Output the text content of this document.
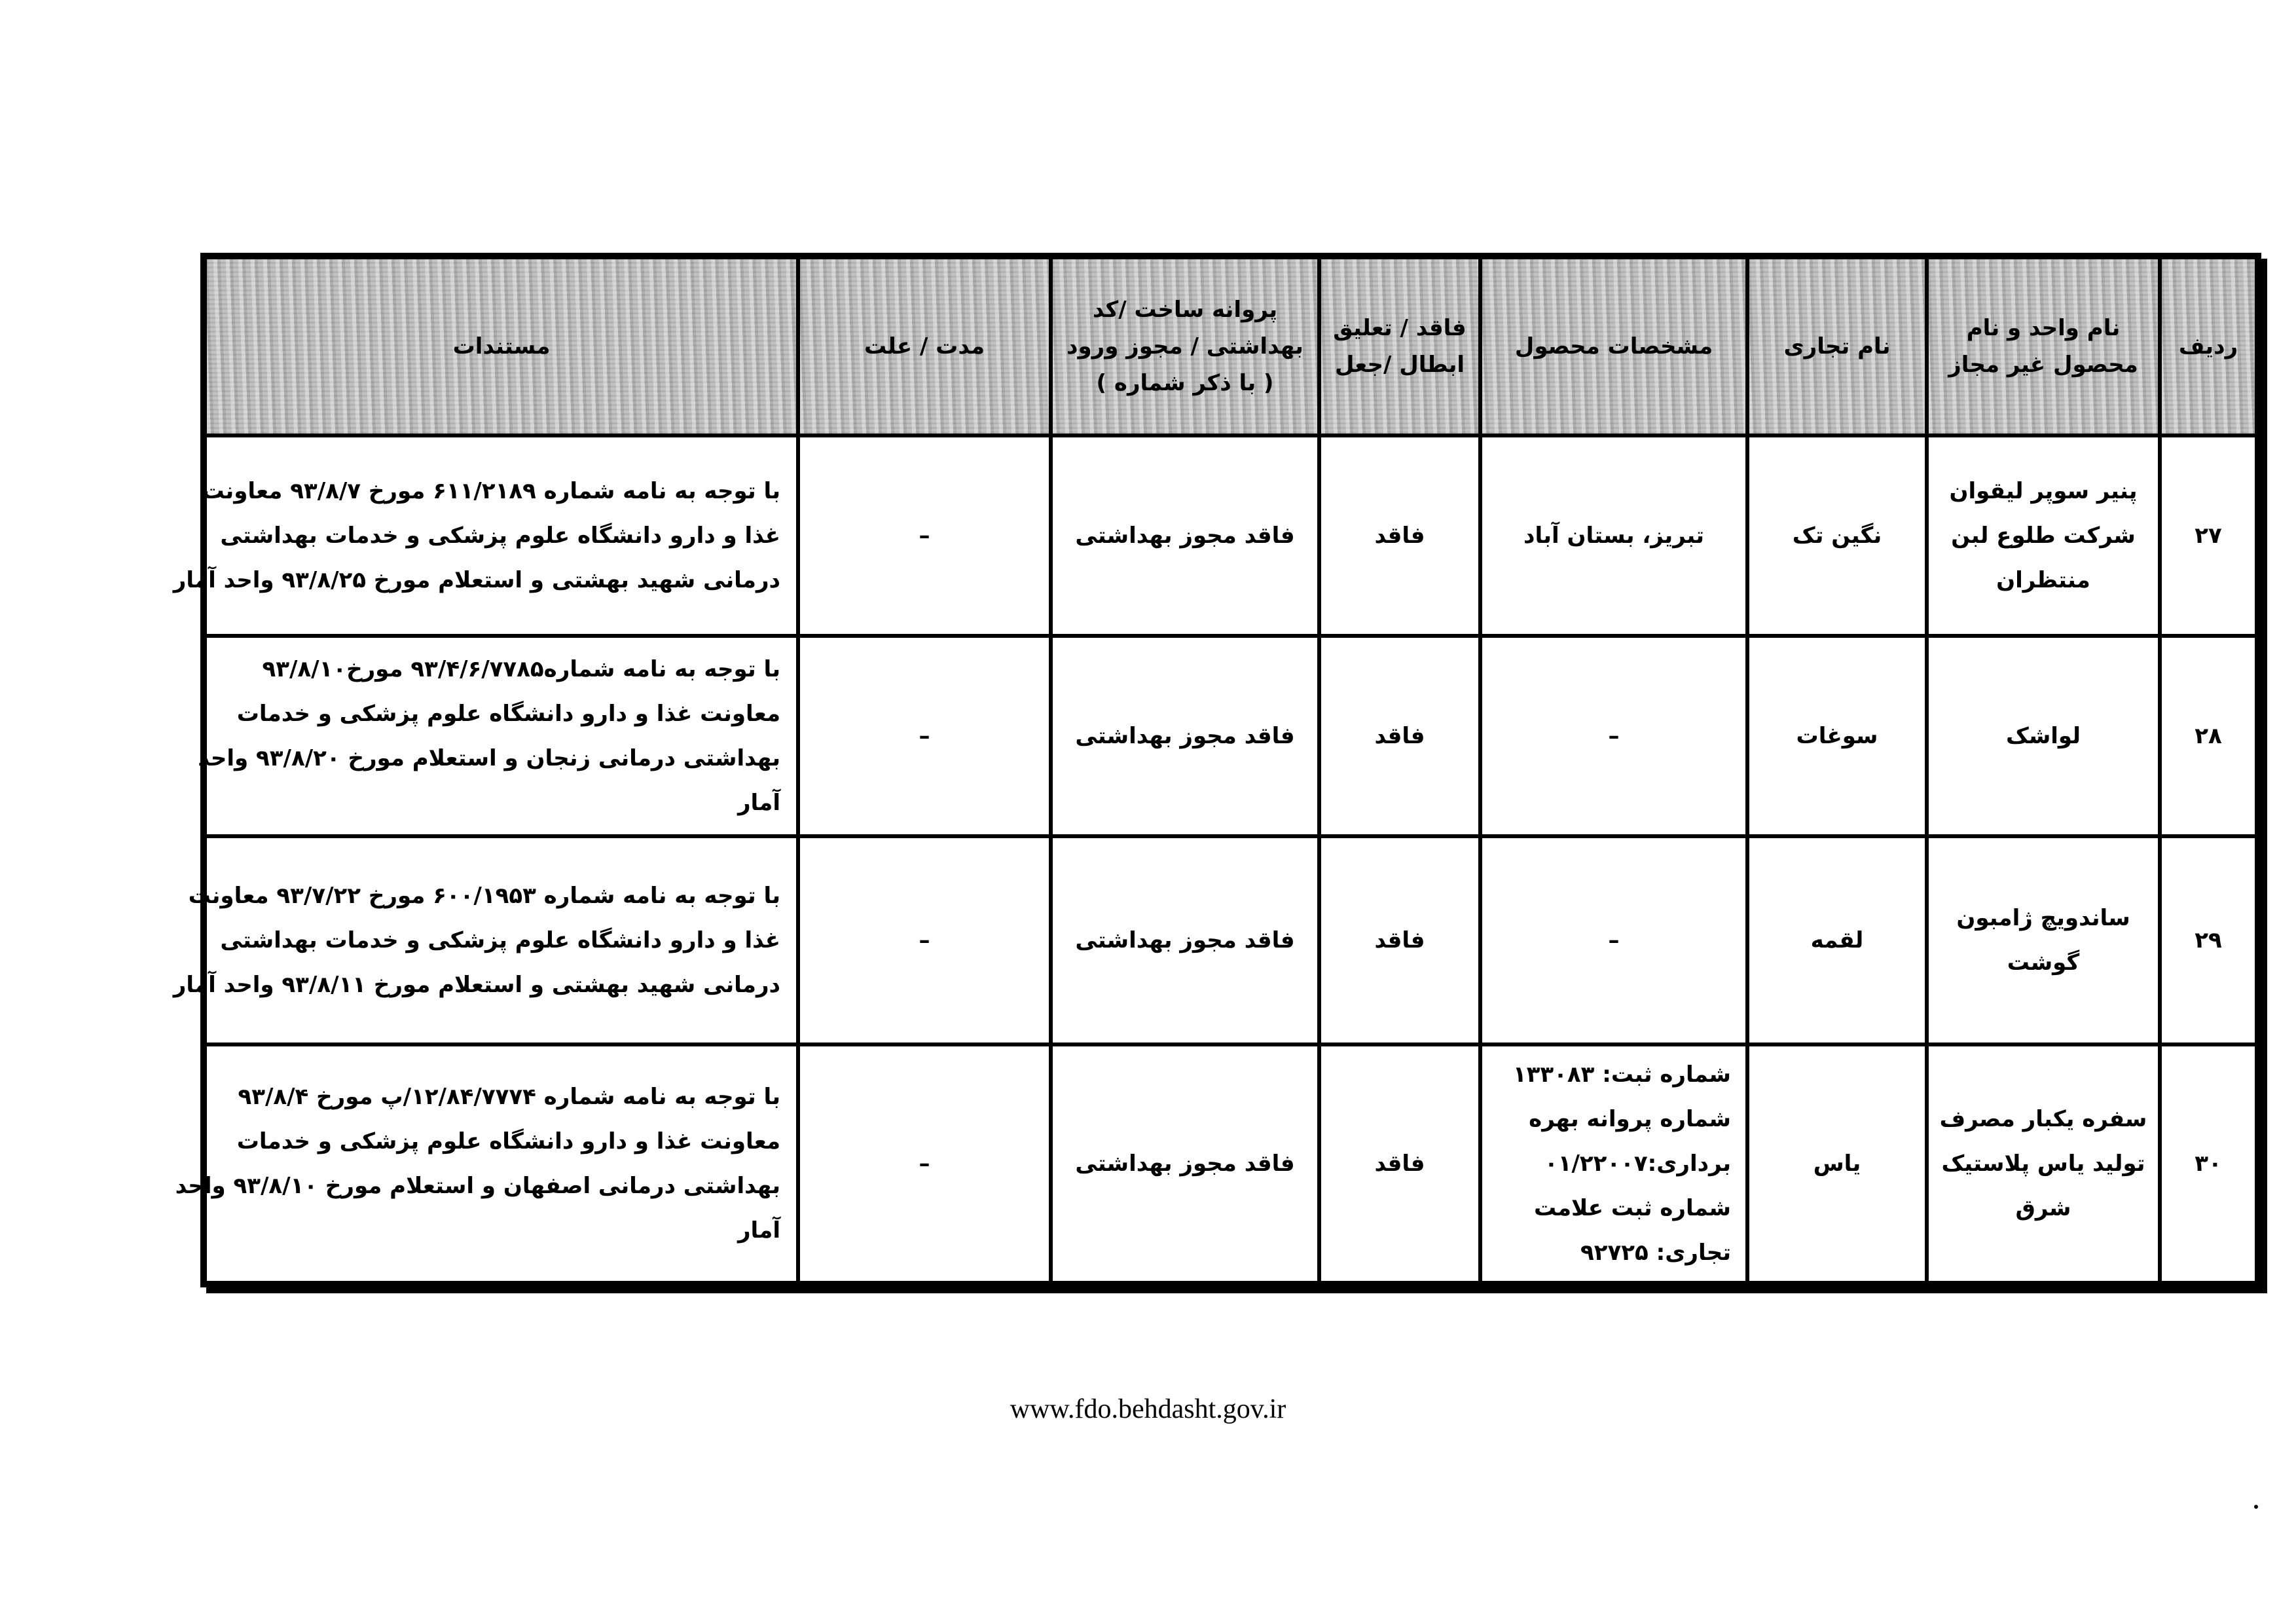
ردیف	نام واحد و نام
محصول غیر مجاز	نام تجاری	مشخصات محصول	فاقد / تعلیق
ابطال /جعل	پروانه ساخت /کد
بهداشتی / مجوز ورود
( با ذکر شماره )	مدت / علت	مستندات
۲۷	پنیر سوپر لیقوان
شرکت طلوع لبن
منتظران	نگین تک	تبریز، بستان آباد	فاقد	فاقد مجوز بهداشتی	–	با توجه به نامه شماره ۶۱۱/۲۱۸۹ مورخ ۹۳/۸/۷ معاونت
غذا و دارو دانشگاه علوم پزشکی و خدمات بهداشتی
درمانی شهید بهشتی و استعلام مورخ ۹۳/۸/۲۵ واحد آمار

۲۸	لواشک	سوغات	–	فاقد	فاقد مجوز بهداشتی	–	با توجه به نامه شماره۹۳/۴/۶/۷۷۸۵ مورخ۹۳/۸/۱۰
معاونت غذا و دارو دانشگاه علوم پزشکی و خدمات
بهداشتی درمانی زنجان و استعلام مورخ ۹۳/۸/۲۰ واحد
آمار

۲۹	ساندویچ ژامبون
گوشت	لقمه	–	فاقد	فاقد مجوز بهداشتی	–	با توجه به نامه شماره ۶۰۰/۱۹۵۳ مورخ ۹۳/۷/۲۲ معاونت
غذا و دارو دانشگاه علوم پزشکی و خدمات بهداشتی
درمانی شهید بهشتی و استعلام مورخ ۹۳/۸/۱۱ واحد آمار

۳۰	سفره یکبار مصرف
تولید یاس پلاستیک
شرق	یاس	شماره ثبت: ۱۳۳۰۸۳
شماره پروانه بهره
برداری:۰۱/۲۲۰۰۷
شماره ثبت علامت
تجاری: ۹۲۷۲۵	فاقد	فاقد مجوز بهداشتی	–	با توجه به نامه شماره ۱۲/۸۴/۷۷۷۴/پ مورخ ۹۳/۸/۴
معاونت غذا و دارو دانشگاه علوم پزشکی و خدمات
بهداشتی درمانی اصفهان و استعلام مورخ ۹۳/۸/۱۰ واحد
آمار
www.fdo.behdasht.gov.ir
